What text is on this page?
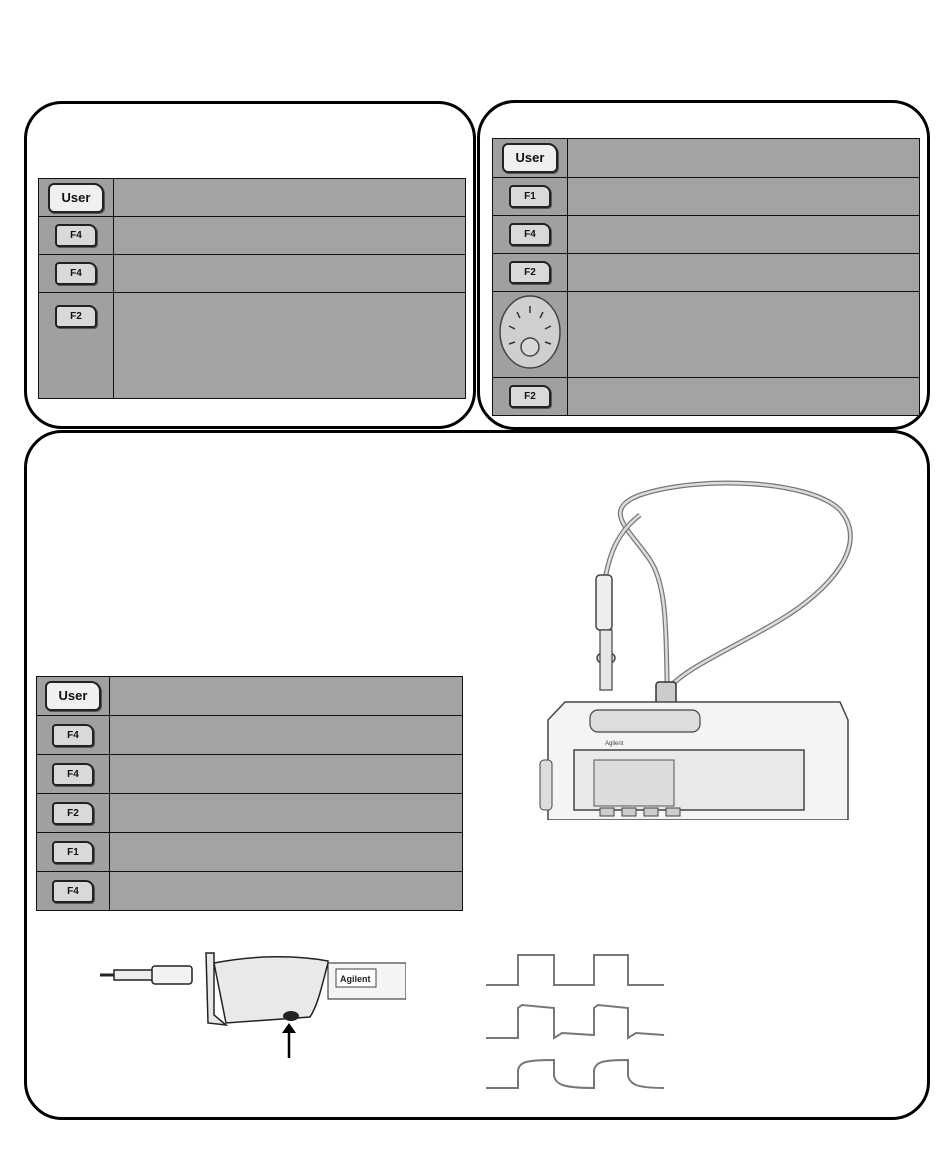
User	
F4	
F4	
F2	
User	
F1	
F4	
F2	

F2	
User	
F4	
F4	
F2	
F1	
F4	
Agilent
Agilent
